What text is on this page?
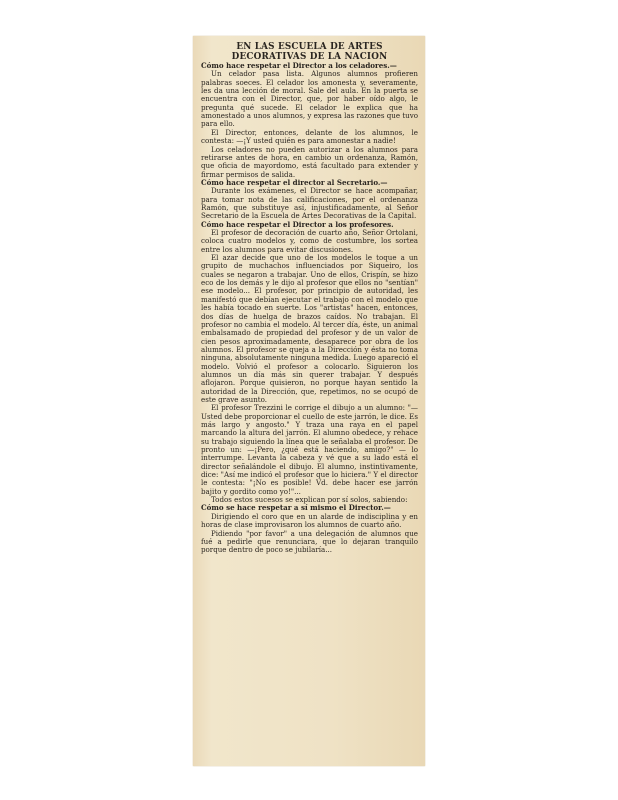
EN LAS ESCUELA DE ARTES

DECORATIVAS DE LA NACION

Cómo hace respetar el Director a los celadores.—

Un celador pasa lista. Algunos alumnos profieren palabras soeces. El celador los amonesta y, severamente, les da una lección de moral. Sale del aula. En la puerta se encuentra con el Director, que, por haber oído algo, le pregunta qué sucede. El celador le explica que ha amonestado a unos alumnos, y expresa las razones que tuvo para ello.

El Director, entonces, delante de los alumnos, le contesta: —¡Y usted quién es para amonestar a nadie!

Los celadores no pueden autorizar a los alumnos para retirarse antes de hora, en cambio un ordenanza, Ramón, que oficia de mayordomo, está facultado para extender y firmar permisos de salida.

Cómo hace respetar el director al Secretario.—

Durante los exámenes, el Director se hace acompañar, para tomar nota de las calificaciones, por el ordenanza Ramón, que substituye así, injustificadamente, al Señor Secretario de la Escuela de Artes Decorativas de la Capital.

Cómo hace respetar el Director a los profesores.

El profesor de decoración de cuarto año, Señor Ortolani, coloca cuatro modelos y, como de costumbre, los sortea entre los alumnos para evitar discusiones.

El azar decide que uno de los modelos le toque a un grupito de muchachos influenciados por Siqueiro, los cuales se negaron a trabajar. Uno de ellos, Crispín, se hizo eco de los demás y le dijo al profesor que ellos no "sentían" ese modelo... El profesor, por principio de autoridad, les manifestó que debían ejecutar el trabajo con el modelo que les había tocado en suerte. Los "artistas" hacen, entonces, dos días de huelga de brazos caídos. No trabajan. El profesor no cambia el modelo. Al tercer día, éste, un animal embalsamado de propiedad del profesor y de un valor de cien pesos aproximadamente, desaparece por obra de los alumnos. El profesor se queja a la Dirección y ésta no toma ninguna, absolutamente ninguna medida. Luego apareció el modelo. Volvió el profesor a colocarlo. Siguieron los alumnos un día más sin querer trabajar. Y después aflojaron. Porque quisieron, no porque hayan sentido la autoridad de la Dirección, que, repetimos, no se ocupó de este grave asunto.

El profesor Trezzini le corrige el dibujo a un alumno: "—Usted debe proporcionar el cuello de este jarrón, le dice. Es más largo y angosto." Y traza una raya en el papel marcando la altura del jarrón. El alumno obedece, y rehace su trabajo siguiendo la línea que le señalaba el profesor. De pronto un: —¡Pero, ¿qué está haciendo, amigo?" — lo interrumpe. Levanta la cabeza y vé que a su lado está el director señalándole el dibujo. El alumno, instintivamente, dice: "Así me indicó el profesor que lo hiciera." Y el director le contesta: "¡No es posible! Vd. debe hacer ese jarrón bajito y gordito como yo!"...

Todos estos sucesos se explican por sí solos, sabiendo:

Cómo se hace respetar a sí mismo el Director.—

Dirigiendo el coro que en un alarde de indisciplina y en horas de clase improvisaron los alumnos de cuarto año.

Pidiendo "por favor" a una delegación de alumnos que fué a pedirle que renunciara, que lo dejaran tranquilo porque dentro de poco se jubilaría...
